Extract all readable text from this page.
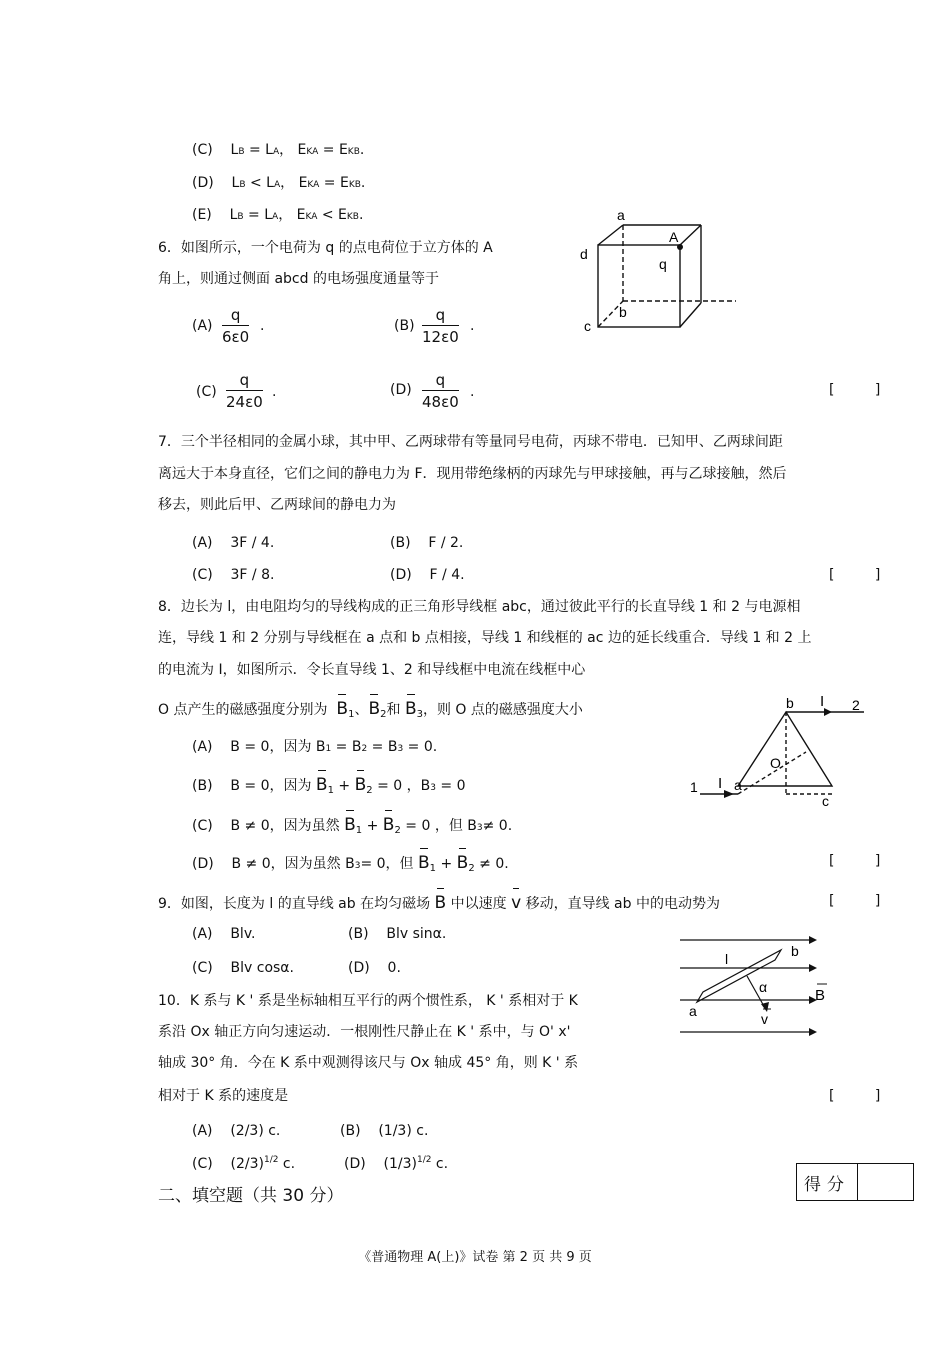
(C)    LB = LA， EKA = EKB.
(D)    LB < LA， EKA = EKB.
(E)    LB = LA， EKA < EKB.
6．如图所示，一个电荷为 q 的点电荷位于立方体的 A
角上，则通过侧面 abcd 的电场强度通量等于
$(A) \frac{q}{6\varepsilon 0}$ .	$(B) \frac{q}{12\varepsilon 0}$ .
$(C) \frac{q}{24\varepsilon 0}$ .	$(D) \frac{q}{48\varepsilon 0}$ .	[ ]
a
A
d
q
b
c
7．三个半径相同的金属小球，其中甲、乙两球带有等量同号电荷，丙球不带电．已知甲、乙两球间距
离远大于本身直径，它们之间的静电力为 F．现用带绝缘柄的丙球先与甲球接触，再与乙球接触，然后
移去，则此后甲、乙两球间的静电力为
(A) 3F / 4.	(B) F / 2.
(C) 3F / 8.	(D) F / 4.	[ ]
8．边长为 l，由电阻均匀的导线构成的正三角形导线框 abc，通过彼此平行的长直导线 1 和 2 与电源相
连，导线 1 和 2 分别与导线框在 a 点和 b 点相接，导线 1 和线框的 ac 边的延长线重合．导线 1 和 2 上
的电流为 I，如图所示．令长直导线 1、2 和导线框中电流在线框中心
O 点产生的磁感强度分别为 $B_1$、$B_2$和 $B_3$，则 O 点的磁感强度大小
(A)    B = 0，因为 B1 = B2 = B3 = 0.
(B)    B = 0，因为 $B_1 + B_2 = 0$ ，B3 = 0
(C)    B ≠ 0，因为虽然 $B_1 + B_2 = 0$ ，但 B3≠ 0.
(D)    B ≠ 0，因为虽然 B3= 0，但 $B_1 + B_2 \ne 0$.	[ ]
b I 2
O
1 I a
c
9．如图，长度为 l 的直导线 ab 在均匀磁场 B 中以速度 v 移动，直导线 ab 中的电动势为	[ ]
(A) Blv.	(B) Blv sinα.
(C) Blv cosα.	(D) 0.
l	b
α	B
a	v
10．K 系与 K ' 系是坐标轴相互平行的两个惯性系， K ' 系相对于 K
系沿 Ox 轴正方向匀速运动．一根刚性尺静止在 K ' 系中，与 O' x'
轴成 30° 角．今在 K 系中观测得该尺与 Ox 轴成 45° 角，则 K ' 系
相对于 K 系的速度是	[ ]
(A) (2/3) c.	(B) (1/3) c.
(C)    $(2/3)^{1/2}$ c.	(D)    $(1/3)^{1/2}$ c.
二、填空题（共 30 分）
得分
《普通物理 A(上)》试卷 第 2 页 共 9 页
